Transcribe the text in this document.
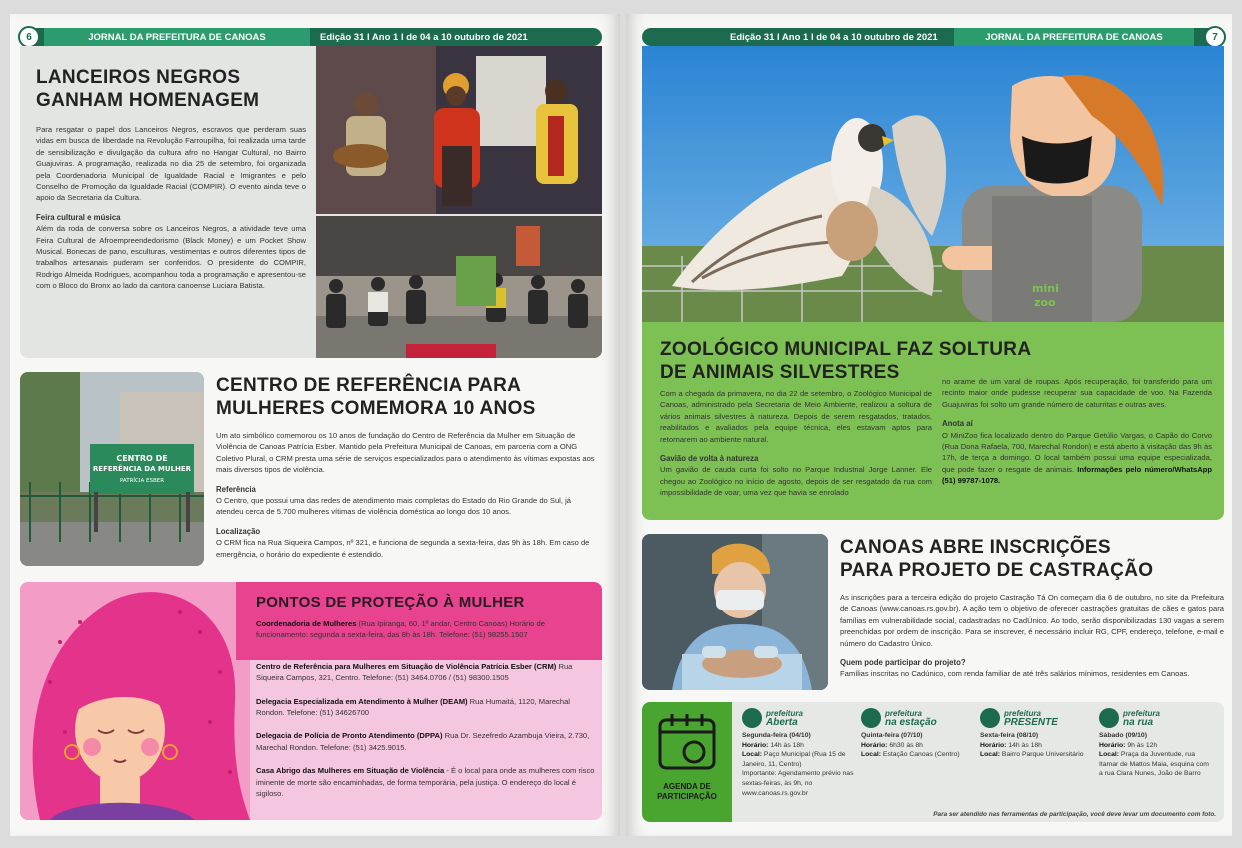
6	JORNAL DA PREFEITURA DE CANOAS	Edição 31 I Ano 1 I de 04 a 10 outubro de 2021
LANCEIROS NEGROS
GANHAM HOMENAGEM
Para resgatar o papel dos Lanceiros Negros, escravos que perderam suas vidas em busca de liberdade na Revolução Farroupilha, foi realizada uma tarde de sensibilização e divulgação da cultura afro no Hangar Cultural, no Bairro Guajuviras. A programação, realizada no dia 25 de setembro, foi organizada pela Coordenadoria Municipal de Igualdade Racial e Imigrantes e pelo Conselho de Promoção da Igualdade Racial (COMPIR). O evento ainda teve o apoio da Secretaria da Cultura.
Feira cultural e música
Além da roda de conversa sobre os Lanceiros Negros, a atividade teve uma Feira Cultural de Afroempreendedorismo (Black Money) e um Pocket Show Musical. Bonecas de pano, esculturas, vestimentas e outros diferentes tipos de trabalhos artesanais puderam ser conferidos. O presidente do COMPIR, Rodrigo Almeida Rodrigues, acompanhou toda a programação e apresentou-se com o Bloco do Bronx ao lado da cantora canoense Luciara Batista.
CENTRO DE
REFERÊNCIA DA MULHER
PATRÍCIA ESBER
CENTRO DE REFERÊNCIA PARA
MULHERES COMEMORA 10 ANOS
Um ato simbólico comemorou os 10 anos de fundação do Centro de Referência da Mulher em Situação de Violência de Canoas Patrícia Esber. Mantido pela Prefeitura Municipal de Canoas, em parceria com a ONG Coletivo Plural, o CRM presta uma série de serviços especializados para o atendimento às vítimas expostas aos mais diversos tipos de violência.
Referência
O Centro, que possui uma das redes de atendimento mais completas do Estado do Rio Grande do Sul, já atendeu cerca de 5.700 mulheres vítimas de violência doméstica ao longo dos 10 anos.
Localização
O CRM fica na Rua Siqueira Campos, nº 321, e funciona de segunda a sexta-feira, das 9h às 18h. Em caso de emergência, o horário do expediente é estendido.
PONTOS DE PROTEÇÃO À MULHER
Coordenadoria de Mulheres (Rua Ipiranga, 60, 1º andar, Centro Canoas) Horário de funcionamento: segunda a sexta-feira, das 8h às 18h. Telefone: (51) 98255.1507
Centro de Referência para Mulheres em Situação de Violência Patrícia Esber (CRM) Rua Siqueira Campos, 321, Centro. Telefone: (51) 3464.0706 / (51) 98300.1505
Delegacia Especializada em Atendimento à Mulher (DEAM) Rua Humaitá, 1120, Marechal Rondon. Telefone: (51) 34626700
Delegacia de Polícia de Pronto Atendimento (DPPA) Rua Dr. Sezefredo Azambuja Vieira, 2.730, Marechal Rondon. Telefone: (51) 3425.9015.
Casa Abrigo das Mulheres em Situação de Violência - É o local para onde as mulheres com risco iminente de morte são encaminhadas, de forma temporária, pela justiça. O endereço do local é sigiloso.
Edição 31 I Ano 1 I de 04 a 10 outubro de 2021	JORNAL DA PREFEITURA DE CANOAS	7
mini
zoo
ZOOLÓGICO MUNICIPAL FAZ SOLTURA
DE ANIMAIS SILVESTRES
Com a chegada da primavera, no dia 22 de setembro, o Zoológico Municipal de Canoas, administrado pela Secretaria de Meio Ambiente, realizou a soltura de vários animais silvestres à natureza. Depois de serem resgatados, tratados, reabilitados e avaliados pela equipe técnica, eles estavam aptos para retornarem ao ambiente natural.
Gavião de volta à natureza
Um gavião de cauda curta foi solto no Parque Industrial Jorge Lanner. Ele chegou ao Zoológico no início de agosto, depois de ser resgatado da rua com impossibilidade de voar, uma vez que havia se enrolado
no arame de um varal de roupas. Após recuperação, foi transferido para um recinto maior onde pudesse recuperar sua capacidade de voo. Na Fazenda Guajuviras foi solto um grande número de caturritas e outras aves.
Anota aí
O MiniZoo fica localizado dentro do Parque Getúlio Vargas, o Capão do Corvo (Rua Dona Rafaela, 700, Marechal Rondon) e está aberto à visitação das 9h às 17h, de terça a domingo. O local também possui uma equipe especializada, que pode fazer o resgate de animais. Informações pelo número/WhatsApp (51) 99787-1078.
CANOAS ABRE INSCRIÇÕES
PARA PROJETO DE CASTRAÇÃO
As inscrições para a terceira edição do projeto Castração Tá On começam dia 6 de outubro, no site da Prefeitura de Canoas (www.canoas.rs.gov.br). A ação tem o objetivo de oferecer castrações gratuitas de cães e gatos para famílias em vulnerabilidade social, cadastradas no CadÚnico. Ao todo, serão disponibilizadas 130 vagas a serem preenchidas por ordem de inscrição. Para se inscrever, é necessário incluir RG, CPF, endereço, telefone, e-mail e número do Cadastro Único.
Quem pode participar do projeto?
Famílias inscritas no Cadúnico, com renda familiar de até três salários mínimos, residentes em Canoas.
AGENDA DE
PARTICIPAÇÃO
prefeitura
Aberta
Segunda-feira (04/10)
Horário: 14h às 18h
Local: Paço Municipal (Rua 15 de Janeiro, 11, Centro)
Importante: Agendamento prévio nas sextas-feiras, às 9h, no www.canoas.rs.gov.br
prefeitura
na estação
Quinta-feira (07/10)
Horário: 6h30 às 8h
Local: Estação Canoas (Centro)
prefeitura
PRESENTE
Sexta-feira (08/10)
Horário: 14h às 18h
Local: Bairro Parque Universitário
prefeitura
na rua
Sábado (09/10)
Horário: 9h às 12h
Local: Praça da Juventude, rua Itamar de Mattos Maia, esquina com a rua Clara Nunes, João de Barro
Para ser atendido nas ferramentas de participação, você deve levar um documento com foto.
